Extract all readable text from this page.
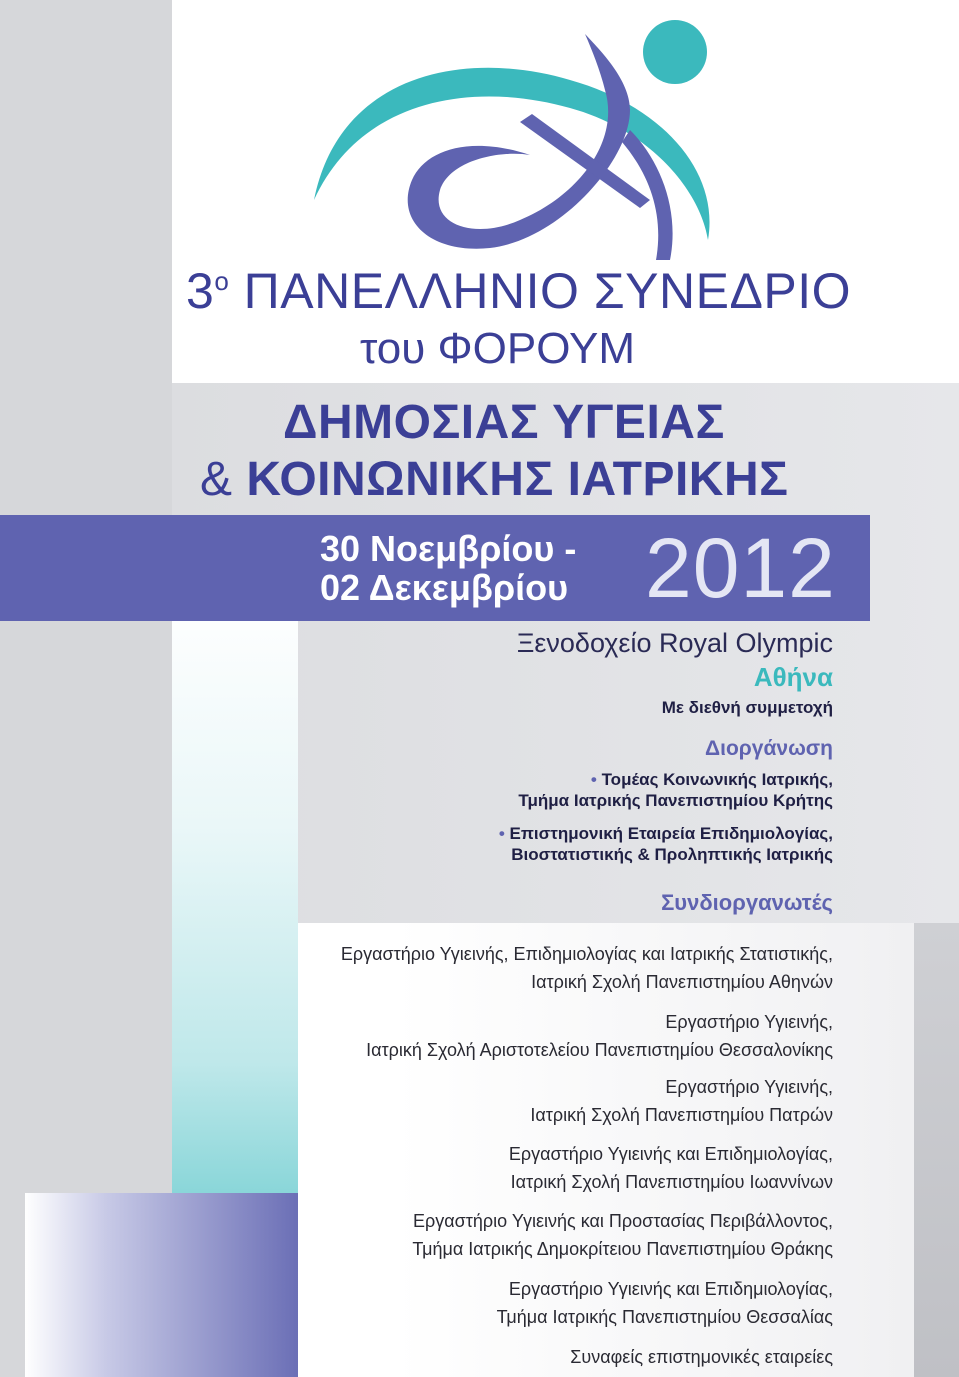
$3^o$ ΠΑΝΕΛΛΗΝΙΟ ΣΥΝΕΔΡΙΟ
του ΦΟΡΟΥΜ
ΔΗΜΟΣΙΑΣ ΥΓΕΙΑΣ
& ΚΟΙΝΩΝΙΚΗΣ ΙΑΤΡΙΚΗΣ
30 Νοεμβρίου -
02 Δεκεμβρίου 2012
Ξενοδοχείο Royal Olympic
Αθήνα
Με διεθνή συμμετοχή
Διοργάνωση
• Τομέας Κοινωνικής Ιατρικής,
Τμήμα Ιατρικής Πανεπιστημίου Κρήτης
• Επιστημονική Εταιρεία Επιδημιολογίας,
Βιοστατιστικής & Προληπτικής Ιατρικής
Συνδιοργανωτές
Εργαστήριο Υγιεινής, Επιδημιολογίας και Ιατρικής Στατιστικής,
Ιατρική Σχολή Πανεπιστημίου Αθηνών
Εργαστήριο Υγιεινής,
Ιατρική Σχολή Αριστοτελείου Πανεπιστημίου Θεσσαλονίκης
Εργαστήριο Υγιεινής,
Ιατρική Σχολή Πανεπιστημίου Πατρών
Εργαστήριο Υγιεινής και Επιδημιολογίας,
Ιατρική Σχολή Πανεπιστημίου Ιωαννίνων
Εργαστήριο Υγιεινής και Προστασίας Περιβάλλοντος,
Τμήμα Ιατρικής Δημοκρίτειου Πανεπιστημίου Θράκης
Εργαστήριο Υγιεινής και Επιδημιολογίας,
Τμήμα Ιατρικής Πανεπιστημίου Θεσσαλίας
Συναφείς επιστημονικές εταιρείες
